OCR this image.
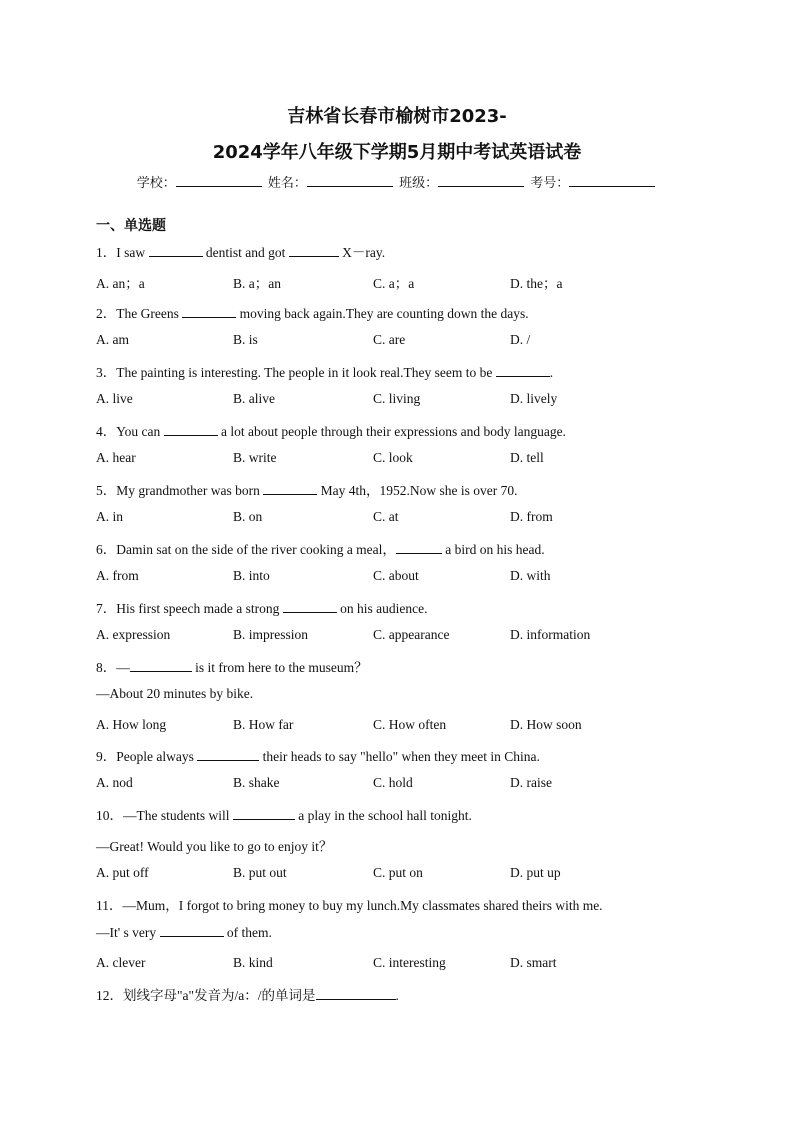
吉林省长春市榆树市2023-
2024学年八年级下学期5月期中考试英语试卷
学校：	姓名：	班级：	考号：
一、单选题
1．I saw	dentist and got	X－ray.
A. an；a	B. a；an	C. a；a	D. the；a
2．The Greens	moving back again.They are counting down the days.
A. am	B. is	C. are	D. /
3．The painting is interesting. The people in it look real.They seem to be	.
A. live	B. alive	C. living	D. lively
4．You can	a lot about people through their expressions and body language.
A. hear	B. write	C. look	D. tell
5．My grandmother was born	May 4th，1952.Now she is over 70.
A. in	B. on	C. at	D. from
6．Damin sat on the side of the river cooking a meal，	a bird on his head.
A. from	B. into	C. about	D. with
7．His first speech made a strong	on his audience.
A. expression	B. impression	C. appearance	D. information
8．—	is it from here to the museum？
—About 20 minutes by bike.
A. How long	B. How far	C. How often	D. How soon
9．People always	their heads to say "hello" when they meet in China.
A. nod	B. shake	C. hold	D. raise
10．—The students will	a play in the school hall tonight.
—Great! Would you like to go to enjoy it？
A. put off	B. put out	C. put on	D. put up
11．—Mum，I forgot to bring money to buy my lunch.My classmates shared theirs with me.
—It' s very	of them.
A. clever	B. kind	C. interesting	D. smart
12．划线字母"a"发音为/a：/的单词是	.
